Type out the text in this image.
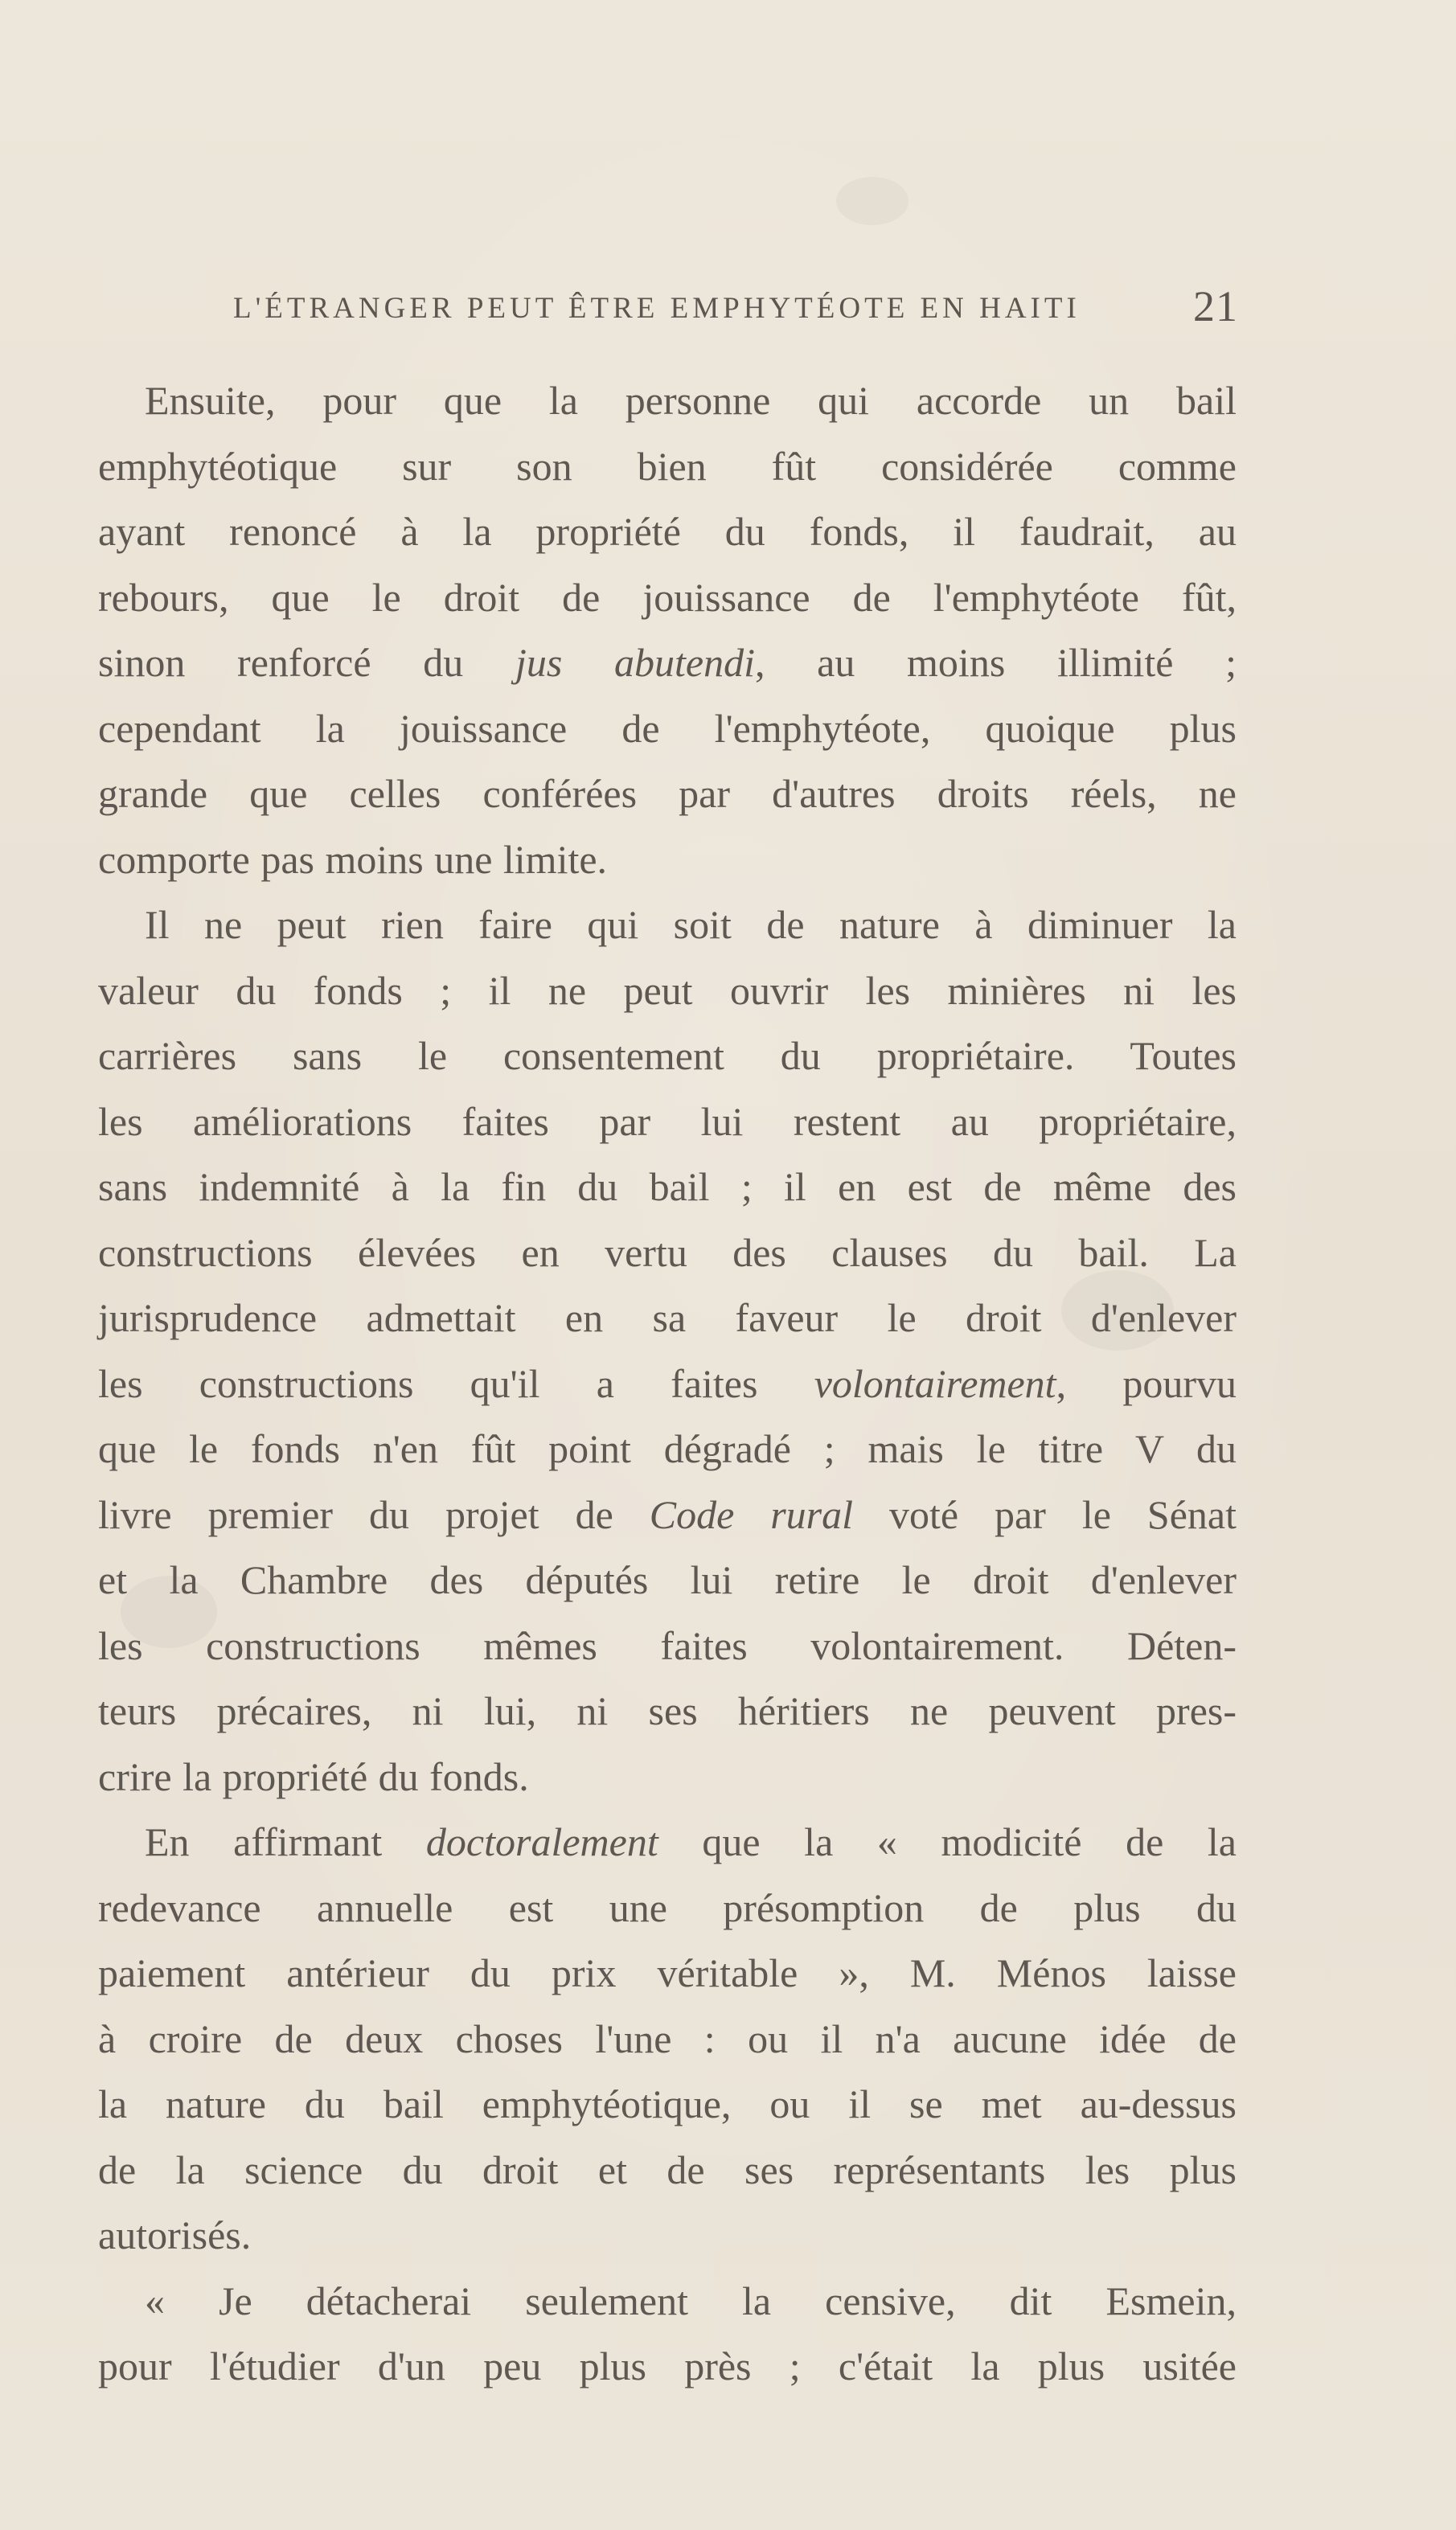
L'ÉTRANGER PEUT ÊTRE EMPHYTÉOTE EN HAITI	21
Ensuite, pour que la personne qui accorde un bail
emphytéotique sur son bien fût considérée comme
ayant renoncé à la propriété du fonds, il faudrait, au
rebours, que le droit de jouissance de l'emphytéote fût,
sinon renforcé du jus abutendi, au moins illimité ;
cependant la jouissance de l'emphytéote, quoique plus
grande que celles conférées par d'autres droits réels, ne
comporte pas moins une limite.
Il ne peut rien faire qui soit de nature à diminuer la
valeur du fonds ; il ne peut ouvrir les minières ni les
carrières sans le consentement du propriétaire. Toutes
les améliorations faites par lui restent au propriétaire,
sans indemnité à la fin du bail ; il en est de même des
constructions élevées en vertu des clauses du bail. La
jurisprudence admettait en sa faveur le droit d'enlever
les constructions qu'il a faites volontairement, pourvu
que le fonds n'en fût point dégradé ; mais le titre V du
livre premier du projet de Code rural voté par le Sénat
et la Chambre des députés lui retire le droit d'enlever
les constructions mêmes faites volontairement. Déten-
teurs précaires, ni lui, ni ses héritiers ne peuvent pres-
crire la propriété du fonds.
En affirmant doctoralement que la « modicité de la
redevance annuelle est une présomption de plus du
paiement antérieur du prix véritable », M. Ménos laisse
à croire de deux choses l'une : ou il n'a aucune idée de
la nature du bail emphytéotique, ou il se met au-dessus
de la science du droit et de ses représentants les plus
autorisés.
« Je détacherai seulement la censive, dit Esmein,
pour l'étudier d'un peu plus près ; c'était la plus usitée
